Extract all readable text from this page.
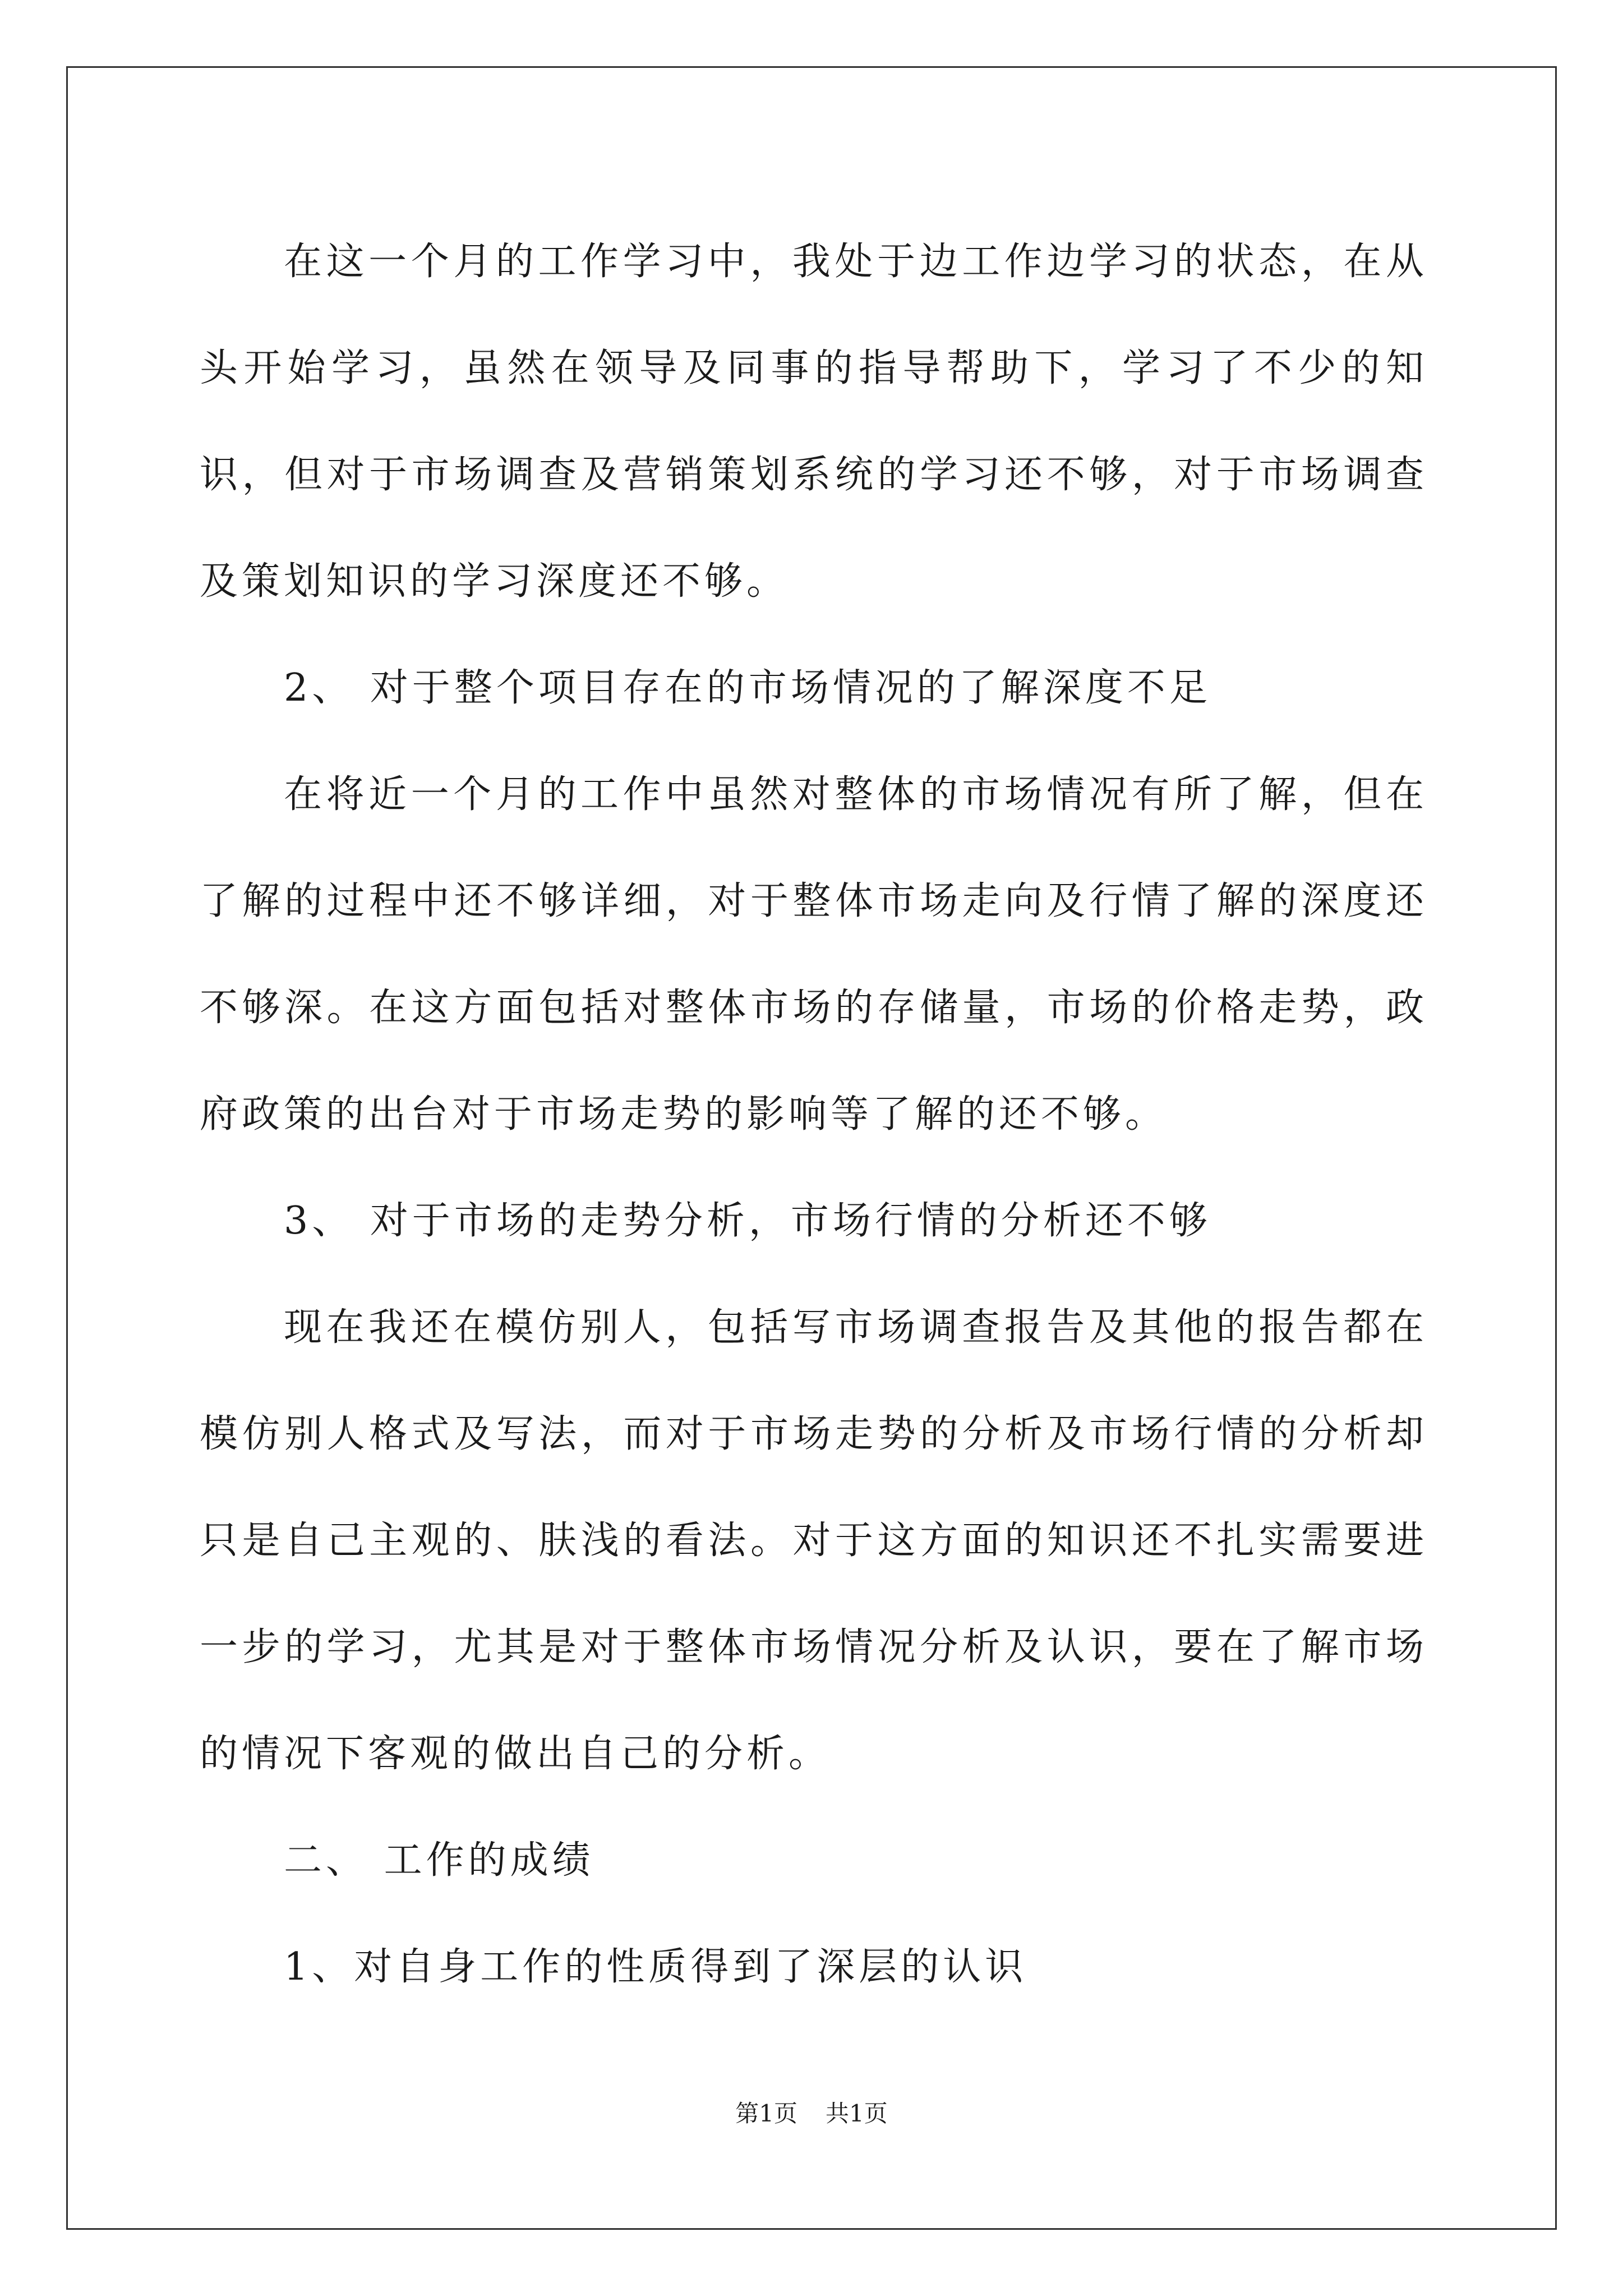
在这一个月的工作学习中，我处于边工作边学习的状态，在从头开始学习，虽然在领导及同事的指导帮助下，学习了不少的知识，但对于市场调查及营销策划系统的学习还不够，对于市场调查及策划知识的学习深度还不够。

2、 对于整个项目存在的市场情况的了解深度不足

在将近一个月的工作中虽然对整体的市场情况有所了解，但在了解的过程中还不够详细，对于整体市场走向及行情了解的深度还不够深。在这方面包括对整体市场的存储量，市场的价格走势，政府政策的出台对于市场走势的影响等了解的还不够。

3、 对于市场的走势分析，市场行情的分析还不够

现在我还在模仿别人，包括写市场调查报告及其他的报告都在模仿别人格式及写法，而对于市场走势的分析及市场行情的分析却只是自己主观的、肤浅的看法。对于这方面的知识还不扎实需要进一步的学习，尤其是对于整体市场情况分析及认识，要在了解市场的情况下客观的做出自己的分析。

二、 工作的成绩

1、对自身工作的性质得到了深层的认识

第1页 共1页
